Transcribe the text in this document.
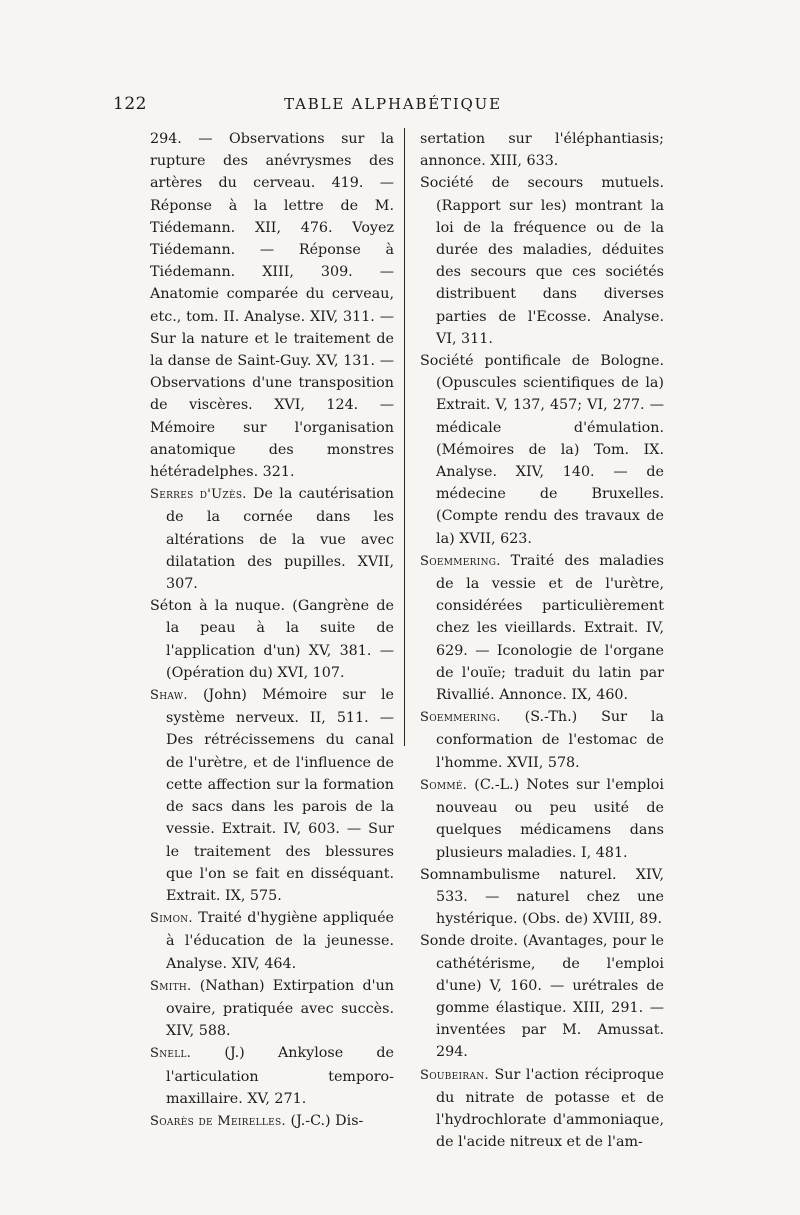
122	TABLE ALPHABÉTIQUE

294. — Observations sur la rupture des anévrysmes des artères du cerveau. 419. — Réponse à la lettre de M. Tiédemann. XII, 476. Voyez Tiédemann. — Réponse à Tiédemann. XIII, 309. — Anatomie comparée du cerveau, etc., tom. II. Analyse. XIV, 311. — Sur la nature et le traitement de la danse de Saint-Guy. XV, 131. — Observations d'une transposition de viscères. XVI, 124. — Mémoire sur l'organisation anatomique des monstres hétéradelphes. 321.

Serres d'Uzès. De la cautérisation de la cornée dans les altérations de la vue avec dilatation des pupilles. XVII, 307.

Séton à la nuque. (Gangrène de la peau à la suite de l'application d'un) XV, 381. — (Opération du) XVI, 107.

Shaw. (John) Mémoire sur le système nerveux. II, 511. — Des rétrécissemens du canal de l'urètre, et de l'influence de cette affection sur la formation de sacs dans les parois de la vessie. Extrait. IV, 603. — Sur le traitement des blessures que l'on se fait en disséquant. Extrait. IX, 575.

Simon. Traité d'hygiène appliquée à l'éducation de la jeunesse. Analyse. XIV, 464.

Smith. (Nathan) Extirpation d'un ovaire, pratiquée avec succès. XIV, 588.

Snell. (J.) Ankylose de l'articulation temporo-maxillaire. XV, 271.

Soarès de Meirelles. (J.-C.) Dis-

sertation sur l'éléphantiasis; annonce. XIII, 633.

Société de secours mutuels. (Rapport sur les) montrant la loi de la fréquence ou de la durée des maladies, déduites des secours que ces sociétés distribuent dans diverses parties de l'Ecosse. Analyse. VI, 311.

Société pontificale de Bologne. (Opuscules scientifiques de la) Extrait. V, 137, 457; VI, 277. — médicale d'émulation. (Mémoires de la) Tom. IX. Analyse. XIV, 140. — de médecine de Bruxelles. (Compte rendu des travaux de la) XVII, 623.

Soemmering. Traité des maladies de la vessie et de l'urètre, considérées particulièrement chez les vieillards. Extrait. IV, 629. — Iconologie de l'organe de l'ouïe; traduit du latin par Rivallié. Annonce. IX, 460.

Soemmering. (S.-Th.) Sur la conformation de l'estomac de l'homme. XVII, 578.

Sommé. (C.-L.) Notes sur l'emploi nouveau ou peu usité de quelques médicamens dans plusieurs maladies. I, 481.

Somnambulisme naturel. XIV, 533. — naturel chez une hystérique. (Obs. de) XVIII, 89.

Sonde droite. (Avantages, pour le cathétérisme, de l'emploi d'une) V, 160. — urétrales de gomme élastique. XIII, 291. — inventées par M. Amussat. 294.

Soubeiran. Sur l'action réciproque du nitrate de potasse et de l'hydrochlorate d'ammoniaque, de l'acide nitreux et de l'am-
